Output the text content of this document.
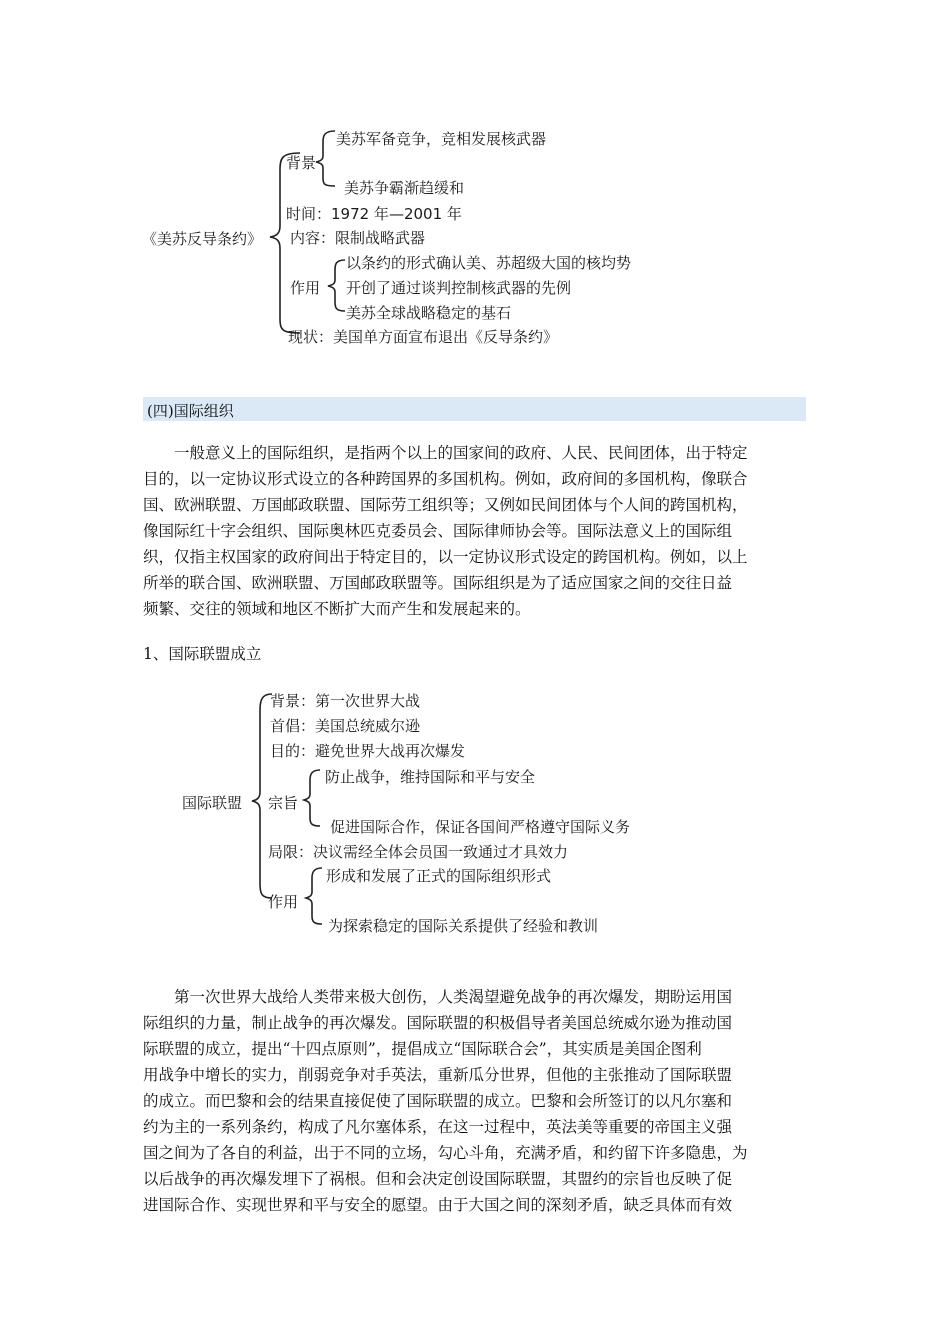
《美苏反导条约》
背景
美苏军备竞争，竞相发展核武器
美苏争霸渐趋缓和
时间：1972 年—2001 年
内容：限制战略武器
作用
以条约的形式确认美、苏超级大国的核均势
开创了通过谈判控制核武器的先例
美苏全球战略稳定的基石
现状：美国单方面宣布退出《反导条约》
(四)国际组织
一般意义上的国际组织，是指两个以上的国家间的政府、人民、民间团体，出于特定
目的，以一定协议形式设立的各种跨国界的多国机构。例如，政府间的多国机构，像联合
国、欧洲联盟、万国邮政联盟、国际劳工组织等；又例如民间团体与个人间的跨国机构，
像国际红十字会组织、国际奥林匹克委员会、国际律师协会等。国际法意义上的国际组
织，仅指主权国家的政府间出于特定目的，以一定协议形式设定的跨国机构。例如，以上
所举的联合国、欧洲联盟、万国邮政联盟等。国际组织是为了适应国家之间的交往日益
频繁、交往的领域和地区不断扩大而产生和发展起来的。
1、国际联盟成立
国际联盟
背景：第一次世界大战
首倡：美国总统威尔逊
目的：避免世界大战再次爆发
宗旨
防止战争，维持国际和平与安全
促进国际合作，保证各国间严格遵守国际义务
局限：决议需经全体会员国一致通过才具效力
作用
形成和发展了正式的国际组织形式
为探索稳定的国际关系提供了经验和教训
第一次世界大战给人类带来极大创伤，人类渴望避免战争的再次爆发，期盼运用国
际组织的力量，制止战争的再次爆发。国际联盟的积极倡导者美国总统威尔逊为推动国
际联盟的成立，提出“十四点原则”，提倡成立“国际联合会”，其实质是美国企图利
用战争中增长的实力，削弱竞争对手英法，重新瓜分世界，但他的主张推动了国际联盟
的成立。而巴黎和会的结果直接促使了国际联盟的成立。巴黎和会所签订的以凡尔塞和
约为主的一系列条约，构成了凡尔塞体系，在这一过程中，英法美等重要的帝国主义强
国之间为了各自的利益，出于不同的立场，勾心斗角，充满矛盾，和约留下许多隐患，为
以后战争的再次爆发埋下了祸根。但和会决定创设国际联盟，其盟约的宗旨也反映了促
进国际合作、实现世界和平与安全的愿望。由于大国之间的深刻矛盾，缺乏具体而有效
